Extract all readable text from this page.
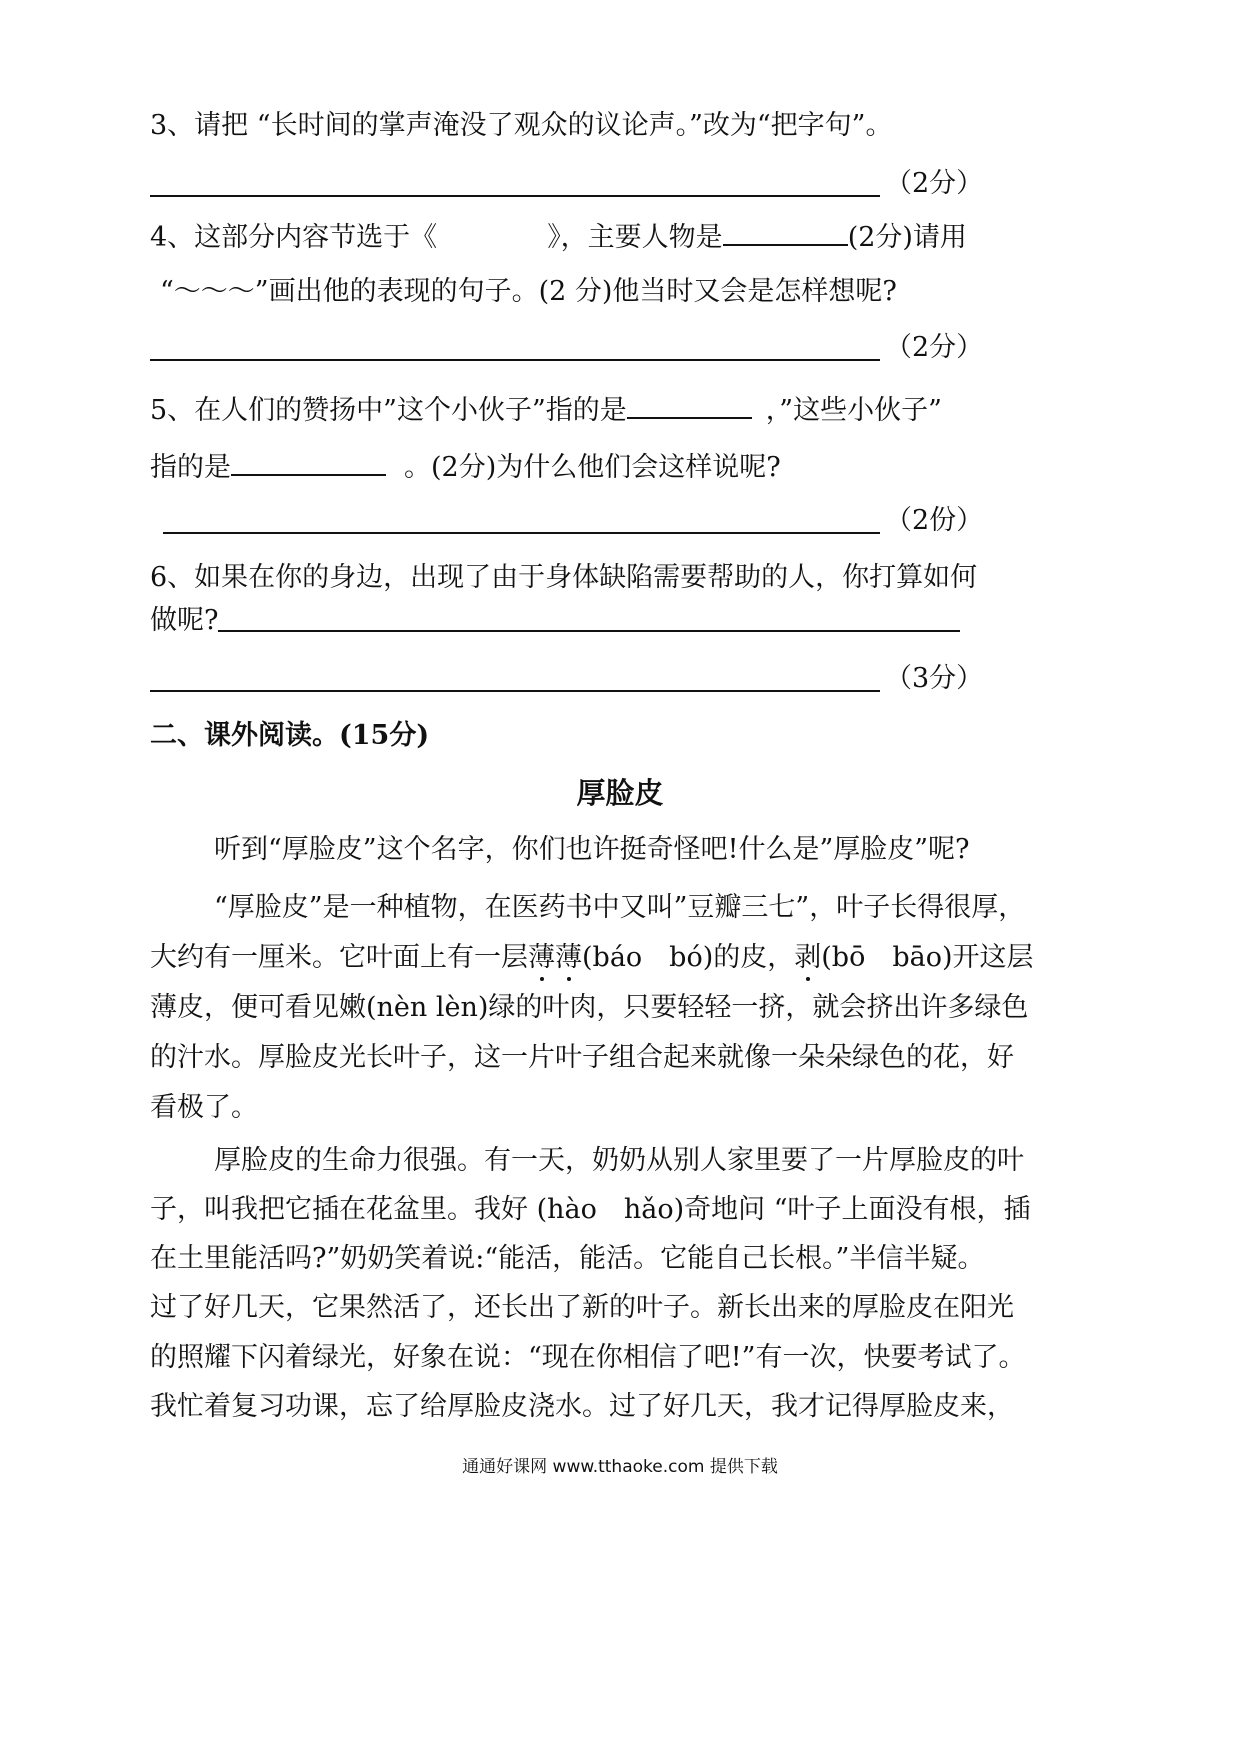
3、请把 “长时间的掌声淹没了观众的议论声。”改为“把字句”。
（2分）
4、这部分内容节选于《	》，主要人物是	(2分)请用
“～～～”画出他的表现的句子。(2 分)他当时又会是怎样想呢?
（2分）
5、在人们的赞扬中”这个小伙子”指的是	，”这些小伙子”
指的是	。(2分)为什么他们会这样说呢?
（2份）
6、如果在你的身边，出现了由于身体缺陷需要帮助的人，你打算如何
做呢?
（3分）
二、课外阅读。(15分)
厚脸皮
听到“厚脸皮”这个名字，你们也许挺奇怪吧!什么是”厚脸皮”呢?
“厚脸皮”是一种植物，在医药书中又叫”豆瓣三七”，叶子长得很厚，
大约有一厘米。它叶面上有一层薄薄(báo　bó)的皮，剥(bō　bāo)开这层
薄皮，便可看见嫩(nèn lèn)绿的叶肉，只要轻轻一挤，就会挤出许多绿色
的汁水。厚脸皮光长叶子，这一片叶子组合起来就像一朵朵绿色的花，好
看极了。
厚脸皮的生命力很强。有一天，奶奶从别人家里要了一片厚脸皮的叶
子，叫我把它插在花盆里。我好 (hào　hǎo)奇地问 “叶子上面没有根，插
在土里能活吗?”奶奶笑着说:“能活，能活。它能自己长根。”半信半疑。
过了好几天，它果然活了，还长出了新的叶子。新长出来的厚脸皮在阳光
的照耀下闪着绿光，好象在说：“现在你相信了吧!”有一次，快要考试了。
我忙着复习功课，忘了给厚脸皮浇水。过了好几天，我才记得厚脸皮来，
通通好课网 www.tthaoke.com 提供下载
